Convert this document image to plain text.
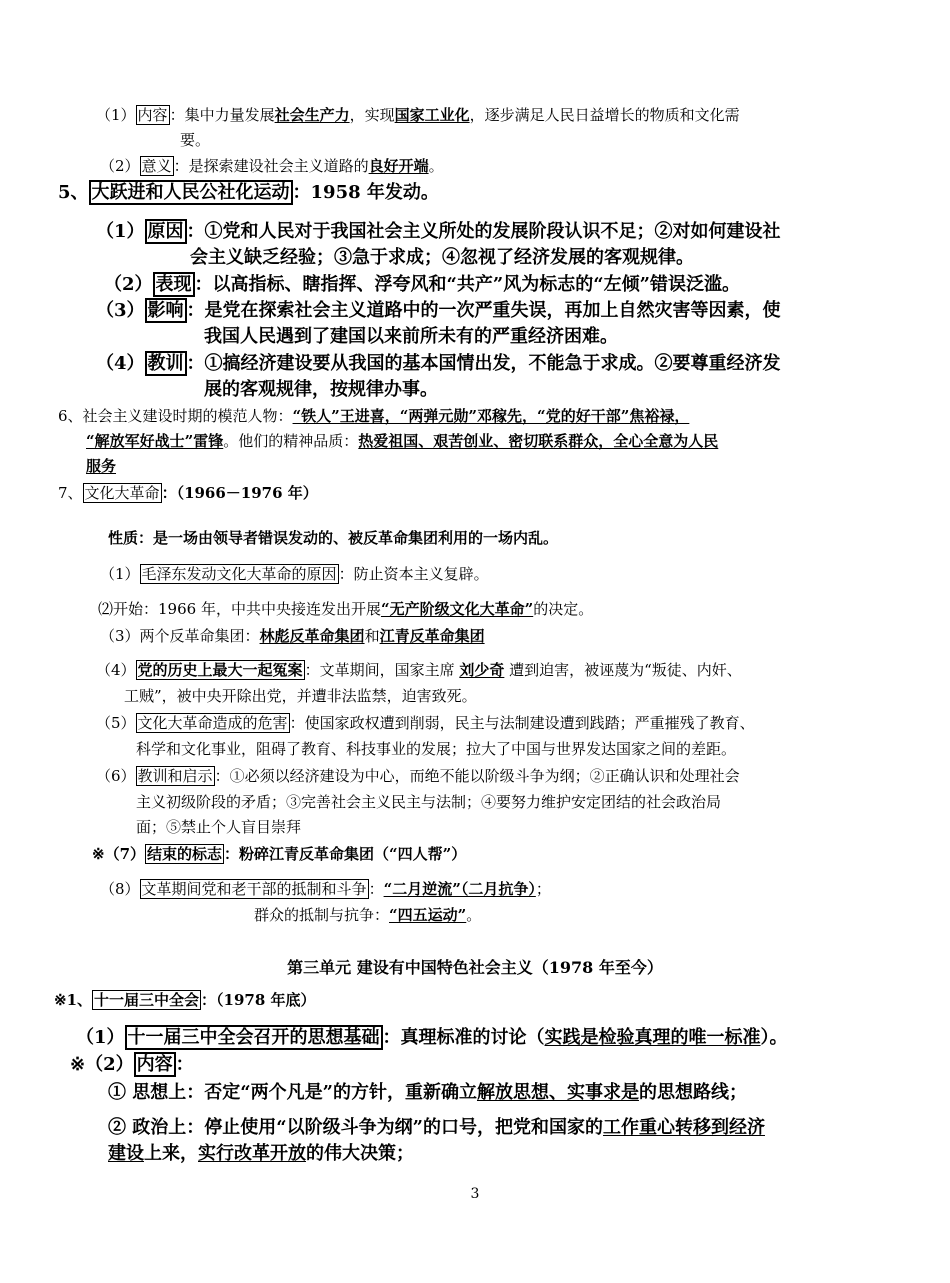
（1） 内容 ：集中力量发展社会生产力，实现国家工业化，逐步满足人民日益增长的物质和文化需
要。
（2） 意义 ：是探索建设社会主义道路的良好开端。
5、 大跃进和人民公社化运动 ：1958 年发动。
（1） 原因 ：①党和人民对于我国社会主义所处的发展阶段认识不足；②对如何建设社
会主义缺乏经验；③急于求成；④忽视了经济发展的客观规律。
（2） 表现 ：以高指标、瞎指挥、浮夸风和“共产”风为标志的“左倾”错误泛滥。
（3） 影响 ：是党在探索社会主义道路中的一次严重失误，再加上自然灾害等因素，使
我国人民遇到了建国以来前所未有的严重经济困难。
（4） 教训 ：①搞经济建设要从我国的基本国情出发，不能急于求成。②要尊重经济发
展的客观规律，按规律办事。
6、社会主义建设时期的模范人物：“铁人”王进喜，“两弹元勋”邓稼先，“党的好干部”焦裕禄，
“解放军好战士”雷锋。他们的精神品质：热爱祖国、艰苦创业、密切联系群众，全心全意为人民
服务
7、 文化大革命 ：（1966－1976 年）
性质：是一场由领导者错误发动的、被反革命集团利用的一场内乱。
（1） 毛泽东发动文化大革命的原因 ：防止资本主义复辟。
⑵开始：1966 年，中共中央接连发出开展“无产阶级文化大革命”的决定。
（3）两个反革命集团：林彪反革命集团和江青反革命集团
（4） 党的历史上最大一起冤案 ：文革期间，国家主席 刘少奇 遭到迫害，被诬蔑为“叛徒、内奸、
工贼”，被中央开除出党，并遭非法监禁，迫害致死。
（5） 文化大革命造成的危害 ：使国家政权遭到削弱，民主与法制建设遭到践踏；严重摧残了教育、
科学和文化事业，阻碍了教育、科技事业的发展；拉大了中国与世界发达国家之间的差距。
（6） 教训和启示 ：①必须以经济建设为中心，而绝不能以阶级斗争为纲；②正确认识和处理社会
主义初级阶段的矛盾；③完善社会主义民主与法制；④要努力维护安定团结的社会政治局
面；⑤禁止个人盲目崇拜
※（7） 结束的标志 ：粉碎江青反革命集团（“四人帮”）
（8） 文革期间党和老干部的抵制和斗争 ：“二月逆流”（二月抗争）；
群众的抵制与抗争：“四五运动”。
第三单元 建设有中国特色社会主义（1978 年至今）
※1、 十一届三中全会 ：（1978 年底）
（1） 十一届三中全会召开的思想基础 ：真理标准的讨论（实践是检验真理的唯一标准）。
※（2） 内容 ：
① 思想上：否定“两个凡是”的方针，重新确立解放思想、实事求是的思想路线；
② 政治上：停止使用“以阶级斗争为纲”的口号，把党和国家的工作重心转移到经济
建设上来，实行改革开放的伟大决策；
3
